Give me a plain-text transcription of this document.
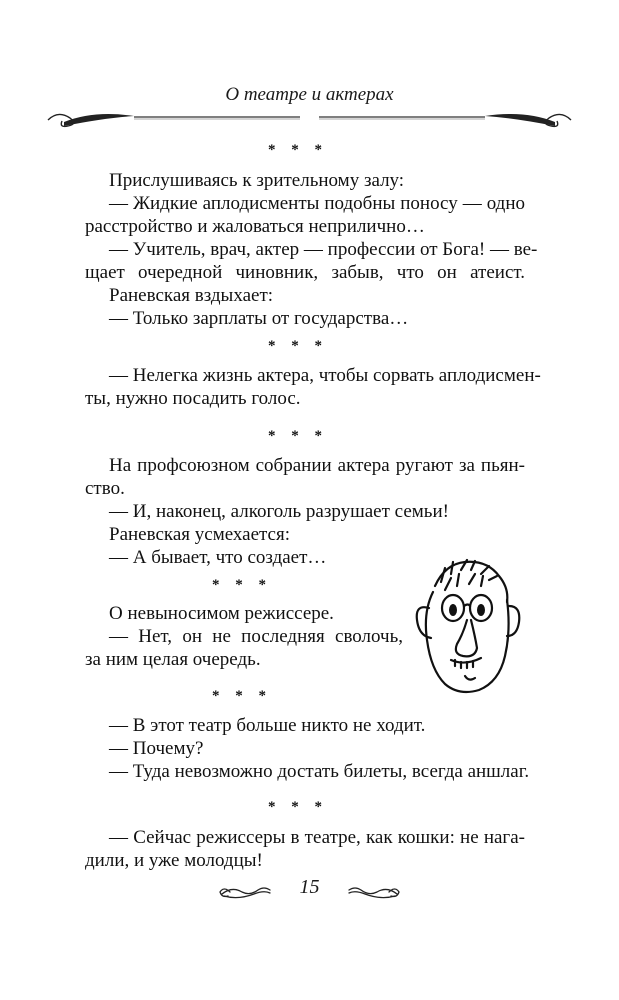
О театре и актерах
* * *
Прислушиваясь к зрительному залу:
— Жидкие аплодисменты подобны поносу — одно
расстройство и жаловаться неприлично…
— Учитель, врач, актер — профессии от Бога! — ве-
щает очередной чиновник, забыв, что он атеист.
Раневская вздыхает:
— Только зарплаты от государства…
* * *
— Нелегка жизнь актера, чтобы сорвать аплодисмен-
ты, нужно посадить голос.
* * *
На профсоюзном собрании актера ругают за пьян-
ство.
— И, наконец, алкоголь разрушает семьи!
Раневская усмехается:
— А бывает, что создает…
* * *
О невыносимом режиссере.
— Нет, он не последняя сволочь,
за ним целая очередь.
* * *
— В этот театр больше никто не ходит.
— Почему?
— Туда невозможно достать билеты, всегда аншлаг.
* * *
— Сейчас режиссеры в театре, как кошки: не нага-
дили, и уже молодцы!
15
